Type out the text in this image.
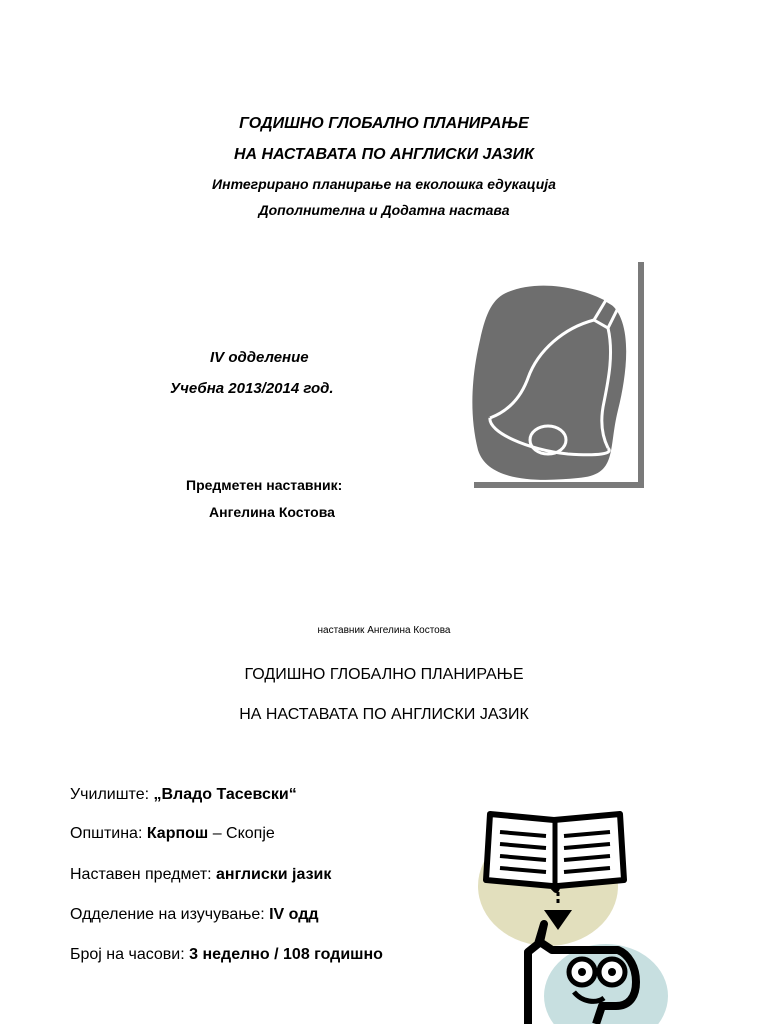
ГОДИШНО ГЛОБАЛНО ПЛАНИРАЊЕ
НА НАСТАВАТА ПО АНГЛИСКИ ЈАЗИК
Интегрирано планирање на еколошка едукација
Дополнителна и Додатна настава
IV одделение
Учебна 2013/2014 год.
Предметен наставник:
Ангелина Костова
наставник Ангелина Костова
ГОДИШНО ГЛОБАЛНО ПЛАНИРАЊЕ
НА НАСТАВАТА ПО АНГЛИСКИ ЈАЗИК
Училиште: „Владо Тасевски“
Општина: Карпош – Скопје
Наставен предмет: англиски јазик
Одделение на изучување: IV одд
Број на часови: 3 неделно / 108 годишно
